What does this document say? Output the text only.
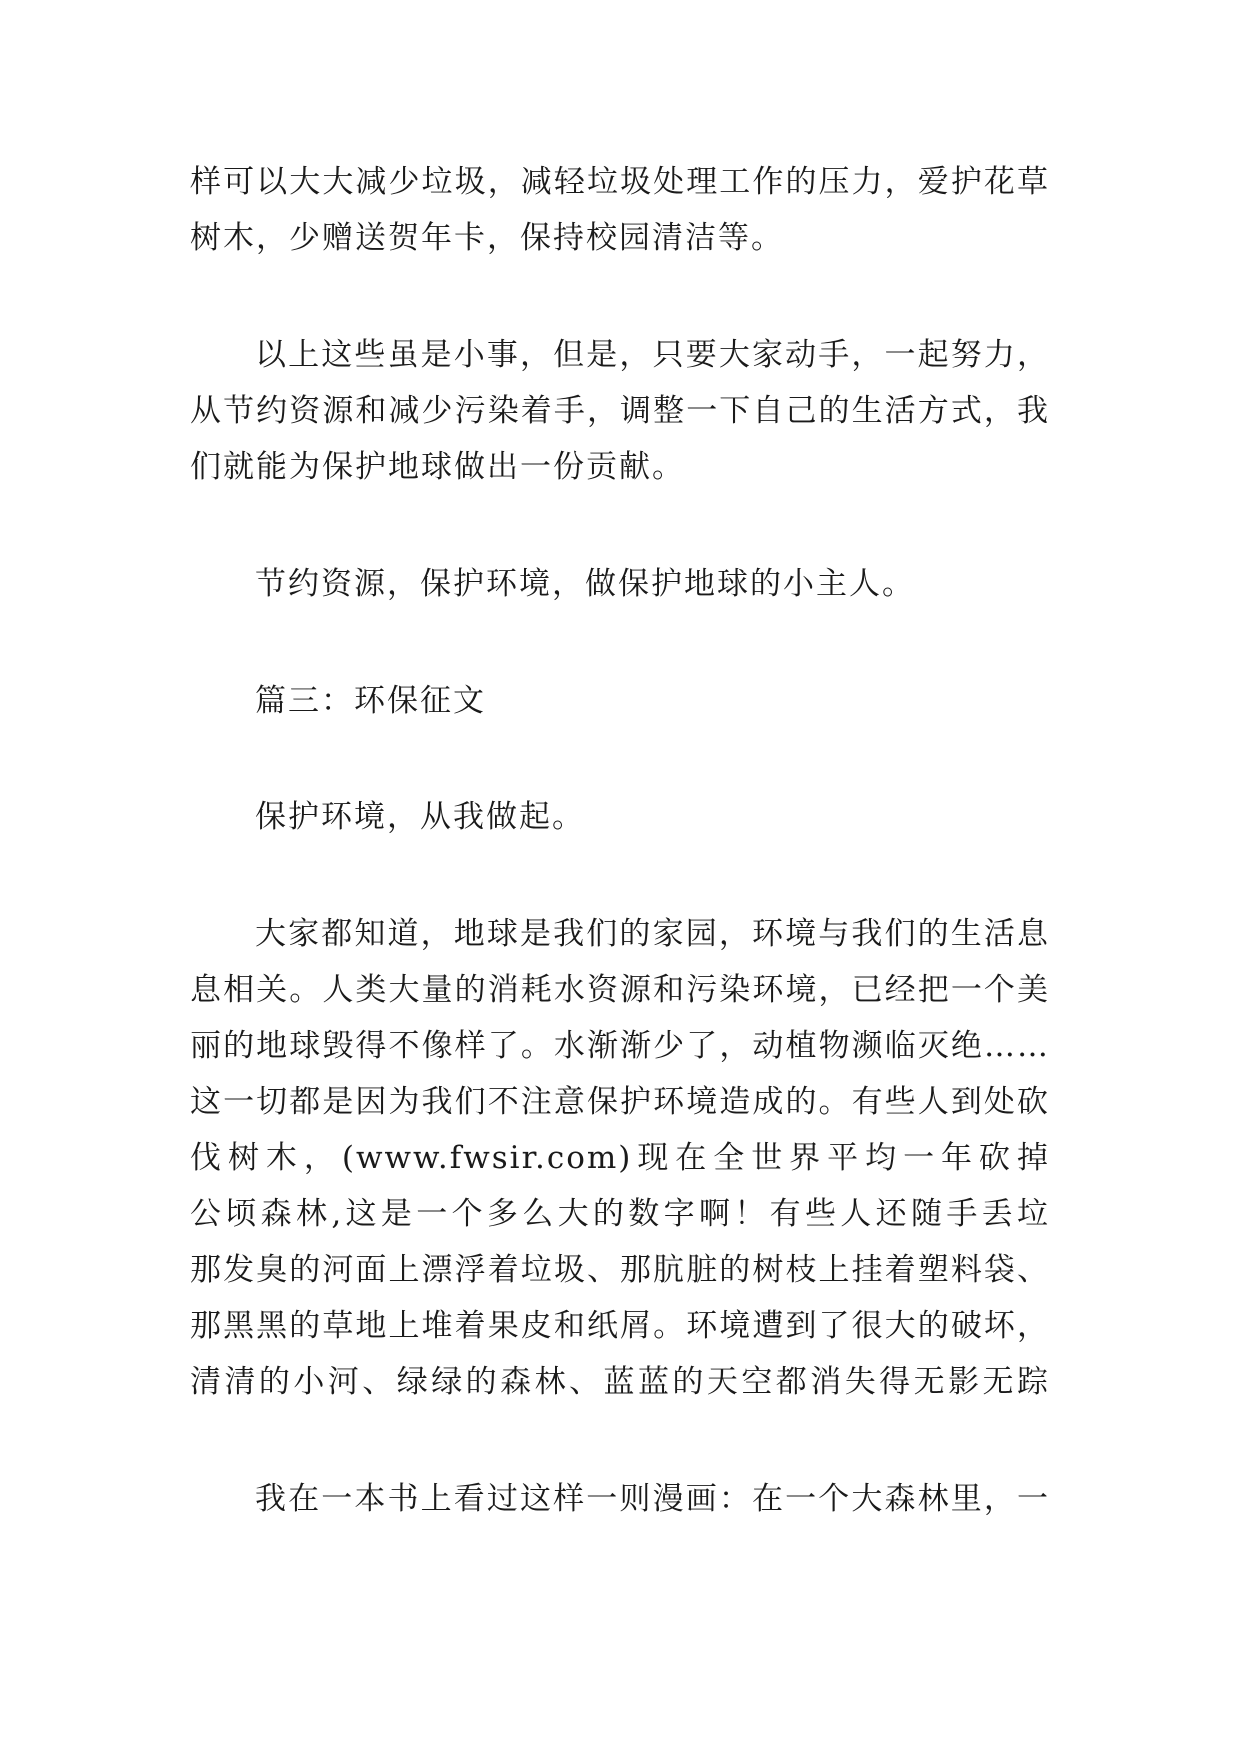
样可以大大减少垃圾，减轻垃圾处理工作的压力，爱护花草
树木，少赠送贺年卡，保持校园清洁等。
以上这些虽是小事，但是，只要大家动手，一起努力，
从节约资源和减少污染着手，调整一下自己的生活方式，我
们就能为保护地球做出一份贡献。
节约资源，保护环境，做保护地球的小主人。
篇三：环保征文
保护环境，从我做起。
大家都知道，地球是我们的家园，环境与我们的生活息
息相关。人类大量的消耗水资源和污染环境，已经把一个美
丽的地球毁得不像样了。水渐渐少了，动植物濒临灭绝……
这一切都是因为我们不注意保护环境造成的。有些人到处砍
伐树木，(www.fwsir.com)现在全世界平均一年砍掉
公顷森林,这是一个多么大的数字啊！有些人还随手丢垃
那发臭的河面上漂浮着垃圾、那肮脏的树枝上挂着塑料袋、
那黑黑的草地上堆着果皮和纸屑。环境遭到了很大的破坏，
清清的小河、绿绿的森林、蓝蓝的天空都消失得无影无踪
我在一本书上看过这样一则漫画：在一个大森林里，一
